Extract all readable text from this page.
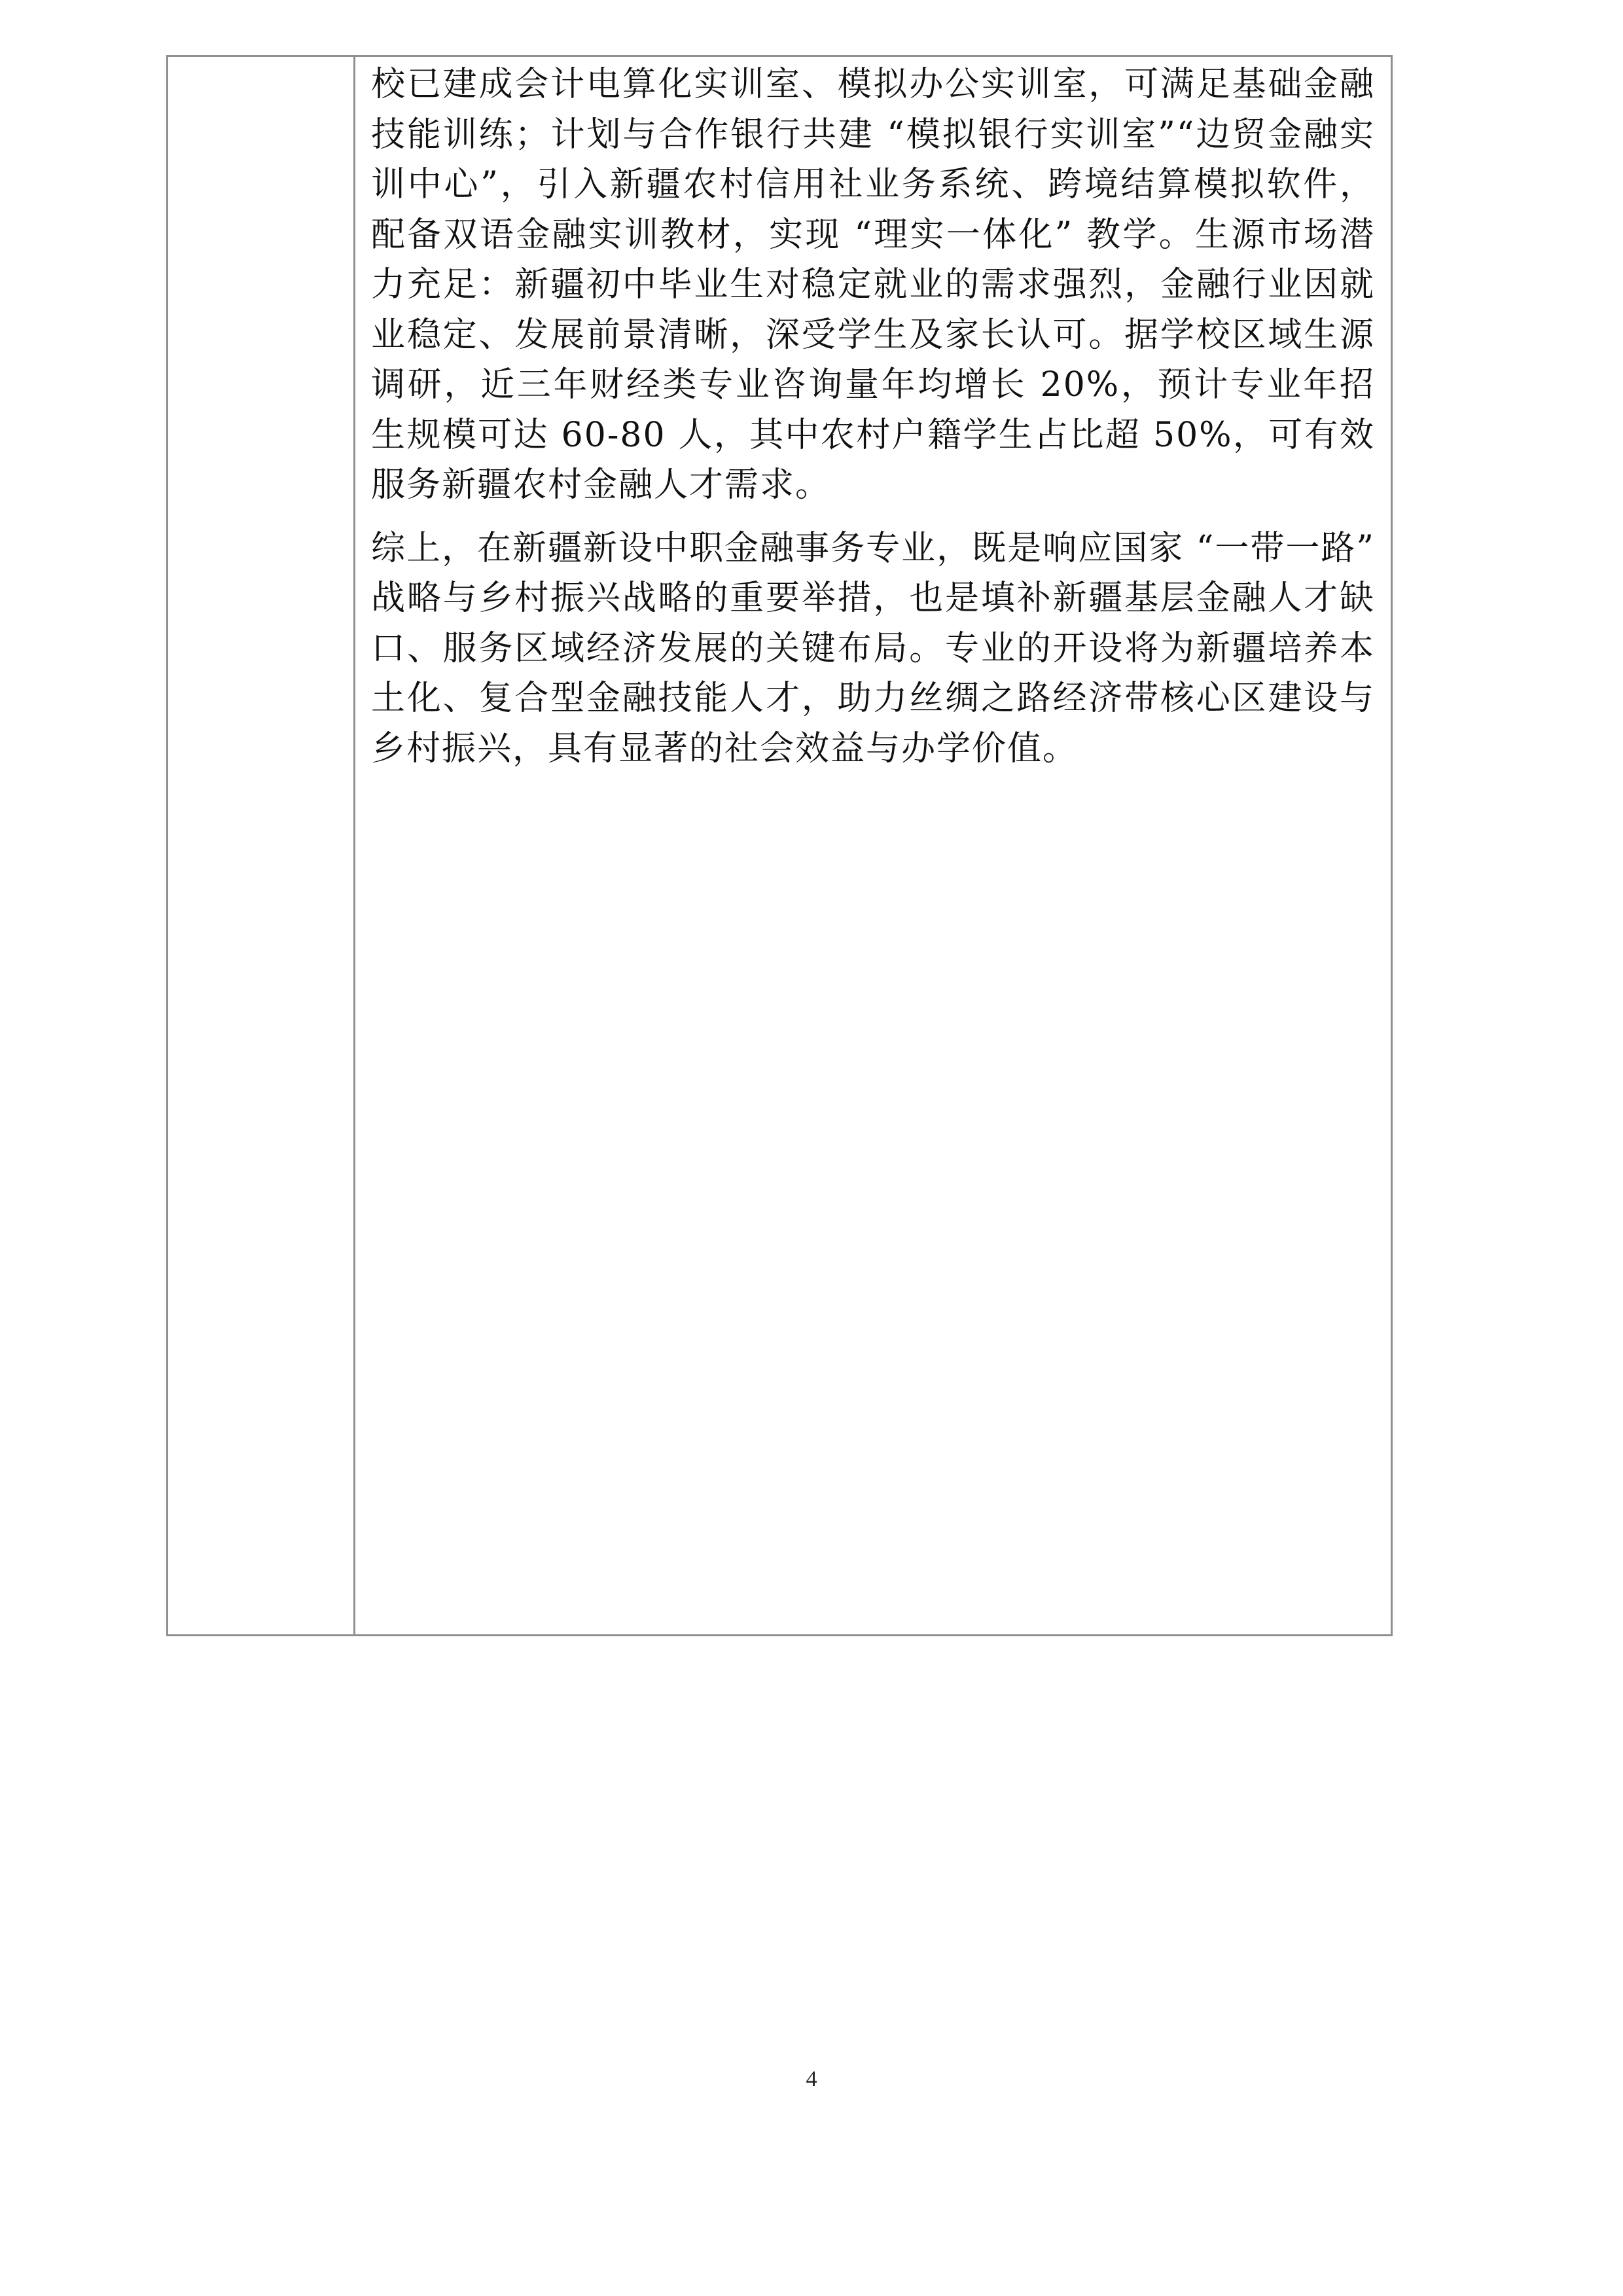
校已建成会计电算化实训室、模拟办公实训室，可满足基础金融技能训练；计划与合作银行共建 “模拟银行实训室”“边贸金融实训中心”，引入新疆农村信用社业务系统、跨境结算模拟软件，配备双语金融实训教材，实现 “理实一体化” 教学。生源市场潜力充足：新疆初中毕业生对稳定就业的需求强烈，金融行业因就业稳定、发展前景清晰，深受学生及家长认可。据学校区域生源调研，近三年财经类专业咨询量年均增长 20%，预计专业年招生规模可达 60-80 人，其中农村户籍学生占比超 50%，可有效服务新疆农村金融人才需求。

综上，在新疆新设中职金融事务专业，既是响应国家 “一带一路” 战略与乡村振兴战略的重要举措，也是填补新疆基层金融人才缺口、服务区域经济发展的关键布局。专业的开设将为新疆培养本土化、复合型金融技能人才，助力丝绸之路经济带核心区建设与乡村振兴，具有显著的社会效益与办学价值。

4
